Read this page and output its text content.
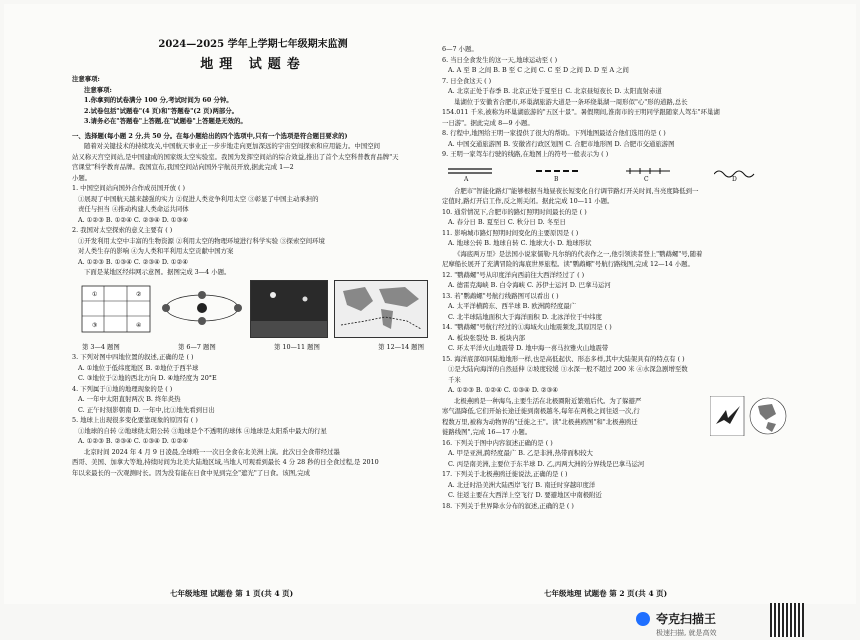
2024—2025 学年上学期七年级期末监测
地理 试题卷
注意事项:
注意事项:
1.你拿到的试卷满分 100 分,考试时间为 60 分钟。
2.试卷包括"试题卷"(4 页)和"答题卷"(2 页)两部分。
3.请务必在"答题卷"上答题,在"试题卷"上答题是无效的。
一、选择题(每小题 2 分,共 50 分。在每小题给出的四个选项中,只有一个选项是符合题目要求的)
随着对关键技术的持续攻关,中国航天事业正一步步地走向更加深远的宇宙空间探索和应用能力。中国空间
站又称天宫空间站,是中国建成的国家级太空实验室。我国为发挥空间站的综合效益,推出了首个太空科普教育品牌"天
宫课堂"科学教育品牌。我国宣布,我国空间站向国外宇航员开放,据此完成 1—2
小题。
1. 中国空间站向国外合作成员国开放 ( )
①展现了中国航天越来越强的实力 ②促进人类竞争利用太空 ③彰显了中国主动承担的
责任与担当 ④推动构建人类命运共同体
A. ①②③ B. ①②④ C. ②③④ D. ①③④
2. 我国对太空探索的意义主要有 ( )
①开发利用太空中丰富的生物资源 ②利用太空的物理环境进行科学实验 ③探索空间环境
对人类生存的影响 ④为人类和平利用太空贡献中国方案
A. ①②③ B. ①③④ C. ②③④ D. ①②④
下面是某地区经纬网示意图。据图完成 3—4 小题。
①	②
③	④
第 3—4 题图	第 6—7 题图	第 10—11 题图	第 12—14 题图
3. 下列对图中四地位置的叙述,正确的是 ( )
A. ①地位于低纬度地区 B. ②地位于西半球
C. ③地位于②地的西北方向 D. ④地经度为 20°E
4. 下列属于①地的地理现象的是 ( )
A. 一年中太阳直射两次 B. 终年炎热
C. 正午时刻影朝南 D. 一年中,比①地先看到日出
5. 地球上出现很多变化要靠现象的原因有 ( )
①地球的自转 ②地球绕太阳公转 ③地球是个不透明的球体 ④地球是太阳系中最大的行星
A. ①②③ B. ②③④ C. ①③④ D. ①②④
北京时间 2024 年 4 月 9 日凌晨,全球唯一一次日全食在北美洲上演。此次日全食带经过墨
西哥、美国、加拿大等地,持续时间为北美大陆地区域,当地人可观看到最长 4 分 28 秒的日全食过程,是 2010
年以来最长的一次观测时长。因为没有能在日食中见到完全"遮光"了日食。该图,完成
七年级地理 试题卷 第 1 页(共 4 页)
6—7 小题。
6. 当日全食发生的这一天,地球运动至 ( )
A. A 至 B 之间 B. B 至 C 之间 C. C 至 D 之间 D. D 至 A 之间
7. 日全食这天 ( )
A. 北京正处于春季 B. 北京正处于夏至日 C. 北京昼短夜长 D. 太阳直射赤道
巢湖位于安徽省合肥市,环巢湖旅游大道是一条环绕巢湖一周形似"心"形的道路,总长
154.011 千米,被称为环巢湖旅游的"五区十景"。暑假期间,淮南市的王明同学跟随家人驾车"环巢湖
一日游"。据此完成 8—9 小题。
8. 行程中,地图给王明一家提供了很大的帮助。下列地图最适合他们选用的是 ( )
A. 中国交通旅游图 B. 安徽省行政区划图 C. 合肥市地形图 D. 合肥市交通旅游图
9. 王明一家驾车行驶的线路,在地图上的符号一般表示为 ( )
A	B	C	D
合肥市"智能化路灯"能够根据当地昼夜长短变化自行调节路灯开关时间,当亮度降低到一
定值时,路灯开启工作,反之则关闭。据此完成 10—11 小题。
10. 通常情况下,合肥市的路灯照明时间最长的是 ( )
A. 春分日 B. 夏至日 C. 秋分日 D. 冬至日
11. 影响城市路灯照明时间变化的主要原因是 ( )
A. 地球公转 B. 地球自转 C. 地球大小 D. 地球形状
《海底两万里》是法国小说家儒勒·凡尔纳的代表作之一,他引领读者登上"鹦鹉螺"号,随着
尼摩船长展开了充满冒险的海底世界旅程。读"鹦鹉螺"号航行路线图,完成 12—14 小题。
12. "鹦鹉螺"号从印度洋向西前往大西洋经过了 ( )
A. 德雷克海峡 B. 白令海峡 C. 苏伊士运河 D. 巴拿马运河
13. 若"鹦鹉螺"号航行线路图可以看出 ( )
A. 太平洋横跨东、西半球 B. 欧洲跨经度最广
C. 北半球陆地面积大于海洋面积 D. 北冰洋位于中纬度
14. "鹦鹉螺"号航行经过的①海域火山地震频发,其原因是 ( )
A. 板块张裂处 B. 板块内部
C. 环太平洋火山地震带 D. 地中海一喜马拉雅火山地震带
15. 海洋底部如同陆地地形一样,也是高低起伏、形态多样,其中大陆架具有的特点有 ( )
①是大陆向海洋的自然延伸 ②坡度较缓 ③水深一般不超过 200 米 ④水深急剧增至数
千米
A. ①②③ B. ①②④ C. ①③④ D. ②③④
北极燕鸥是一种海鸟,主要生活在北极圈附近繁殖后代。为了躲避严
寒气温降低,它们开始长途迁徙到南极越冬,每年在两极之间往返一次,行
程数万里,被称为动物界的"迁徙之王"。读"北极燕鸥图"和"北极燕鸥迁
徙路线图",完成 16—17 小题。
16. 下列关于图中内容叙述正确的是 ( )
A. 甲是亚洲,跨经度最广 B. 乙是非洲,热带面积较大
C. 丙是南美洲,主要位于东半球 D. 乙,丙两大洲的分界线是巴拿马运河
17. 下列关于北极燕鸥迁徙说法,正确的是 ( )
A. 北迁时沿美洲大陆西岸飞行 B. 南迁时穿越印度洋
C. 往返主要在大西洋上空飞行 D. 要避地区中南极附近
18. 下列关于世界降水分布的叙述,正确的是 ( )
七年级地理 试题卷 第 2 页(共 4 页)
夸克扫描王
极速扫描, 就是高效
